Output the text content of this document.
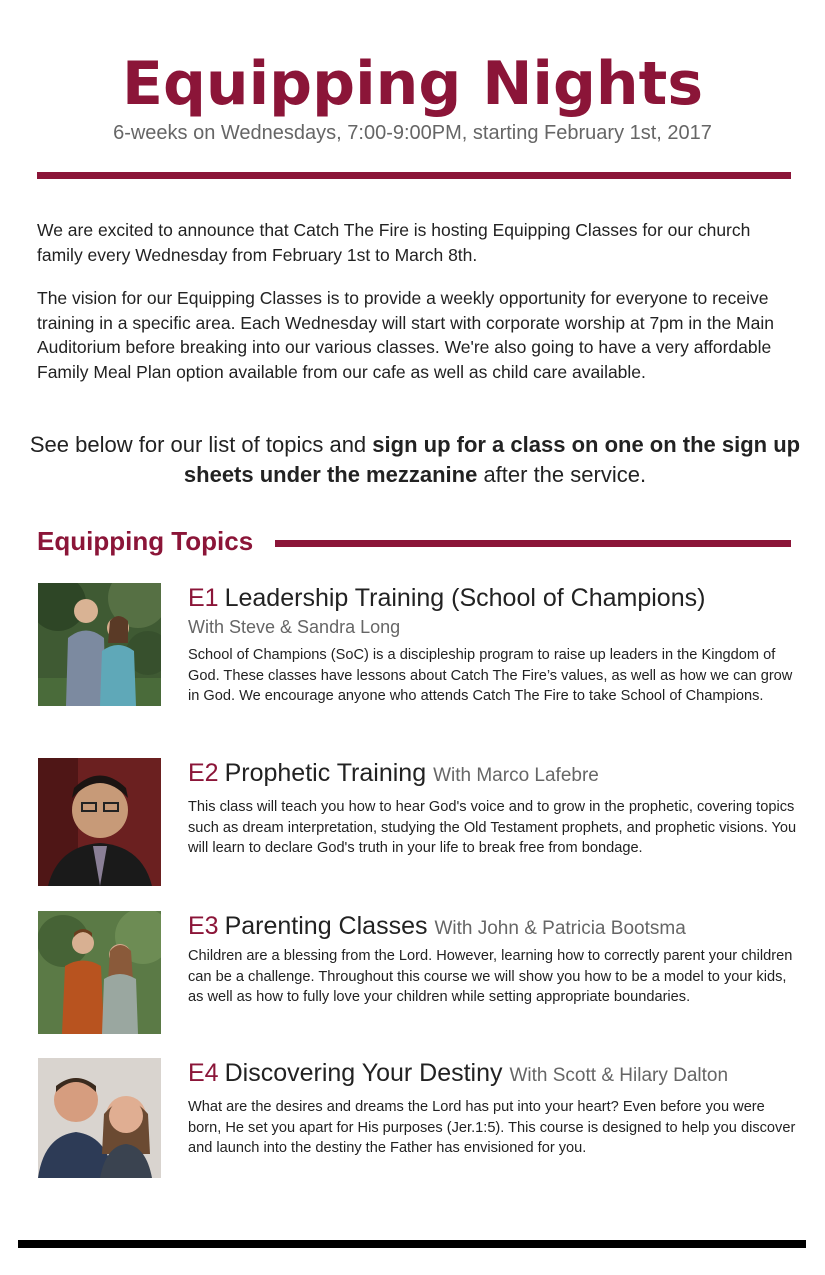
Equipping Nights
6-weeks on Wednesdays, 7:00-9:00PM, starting February 1st, 2017

We are excited to announce that Catch The Fire is hosting Equipping Classes for our church family every Wednesday from February 1st to March 8th.

The vision for our Equipping Classes is to provide a weekly opportunity for everyone to receive training in a specific area. Each Wednesday will start with corporate worship at 7pm in the Main Auditorium before breaking into our various classes. We're also going to have a very affordable Family Meal Plan option available from our cafe as well as child care available.

See below for our list of topics and sign up for a class on one on the sign up sheets under the mezzanine after the service.
Equipping Topics
E1 Leadership Training (School of Champions)
With Steve & Sandra Long
School of Champions (SoC) is a discipleship program to raise up leaders in the Kingdom of God. These classes have lessons about Catch The Fire’s values, as well as how we can grow in God. We encourage anyone who attends Catch The Fire to take School of Champions.
E2 Prophetic Training With Marco Lafebre
This class will teach you how to hear God's voice and to grow in the prophetic, covering topics such as dream interpretation, studying the Old Testament prophets, and prophetic visions. You will learn to declare God's truth in your life to break free from bondage.
E3 Parenting Classes With John & Patricia Bootsma
Children are a blessing from the Lord. However, learning how to correctly parent your children can be a challenge. Throughout this course we will show you how to be a model to your kids, as well as how to fully love your children while setting appropriate boundaries.
E4 Discovering Your Destiny With Scott & Hilary Dalton
What are the desires and dreams the Lord has put into your heart? Even before you were born, He set you apart for His purposes (Jer.1:5). This course is designed to help you discover and launch into the destiny the Father has envisioned for you.
